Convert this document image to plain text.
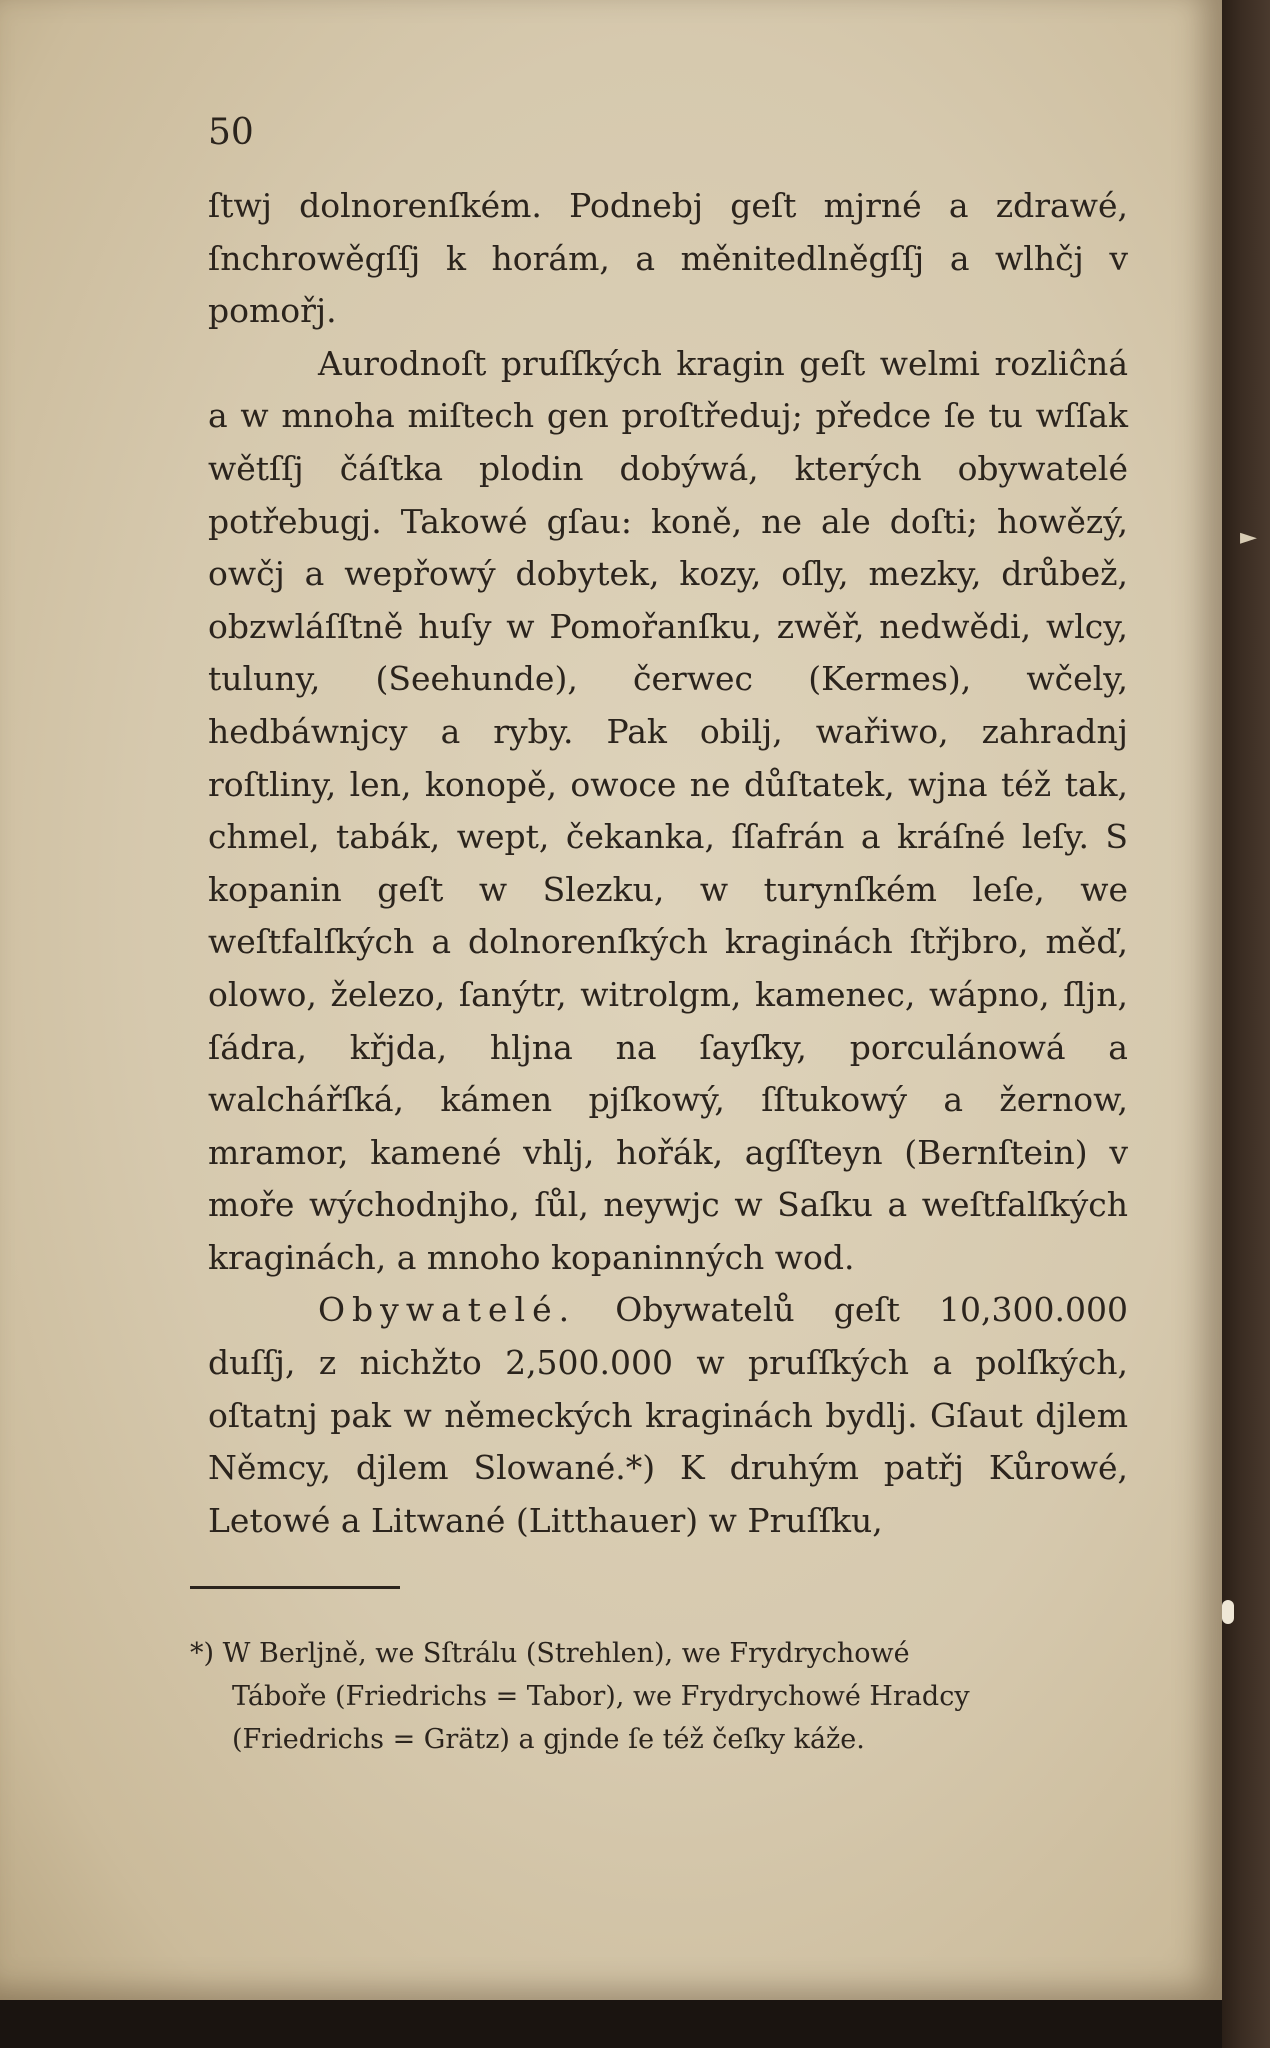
50

ſtwj dolnorenſkém. Podnebj geſt mjrné a zdrawé, ſnchrowěgſſj k horám, a měnitedlněgſſj a wlhčj v pomořj.

Aurodnoſt pruſſkých kragin geſt welmi rozliĉná a w mnoha miſtech gen proſtředuj; předce ſe tu wſſak wětſſj čáſtka plodin dobýwá, kterých obywatelé potřebugj. Takowé gſau: koně, ne ale doſti; howězý, owčj a wepřowý dobytek, kozy, oſly, mezky, drůbež, obzwláſſtně huſy w Pomořanſku, zwěř, nedwědi, wlcy, tuluny, (Seehunde), čerwec (Kermes), wčely, hedbáwnjcy a ryby. Pak obilj, wařiwo, zahradnj roſtliny, len, konopě, owoce ne důſtatek, wjna též tak, chmel, tabák, wept, čekanka, ſſafrán a kráſné leſy. S kopanin geſt w Slezku, w turynſkém leſe, we weſtfalſkých a dolnorenſkých kraginách ſtřjbro, měď, olowo, železo, ſanýtr, witrolgm, kamenec, wápno, ſljn, ſádra, křjda, hljna na ſayſky, porculánowá a walchářſká, kámen pjſkowý, ſſtukowý a žernow, mramor, kamené vhlj, hořák, agſſteyn (Bernſtein) v moře wýchodnjho, ſůl, neywjc w Saſku a weſtfalſkých kraginách, a mnoho kopaninných wod.

Obywatelé. Obywatelů geſt 10,300.000 duſſj, z nichžto 2,500.000 w pruſſkých a polſkých, oſtatnj pak w německých kraginách bydlj. Gſaut djlem Němcy, djlem Slowané.*) K druhým patřj Kůrowé, Letowé a Litwané (Litthauer) w Pruſſku,

*) W Berljně, we Sſtrálu (Strehlen), we Frydrychowé

Táboře (Friedrichs = Tabor), we Frydrychowé Hradcy

(Friedrichs = Grätz) a gjnde ſe též čeſky káže.

►
